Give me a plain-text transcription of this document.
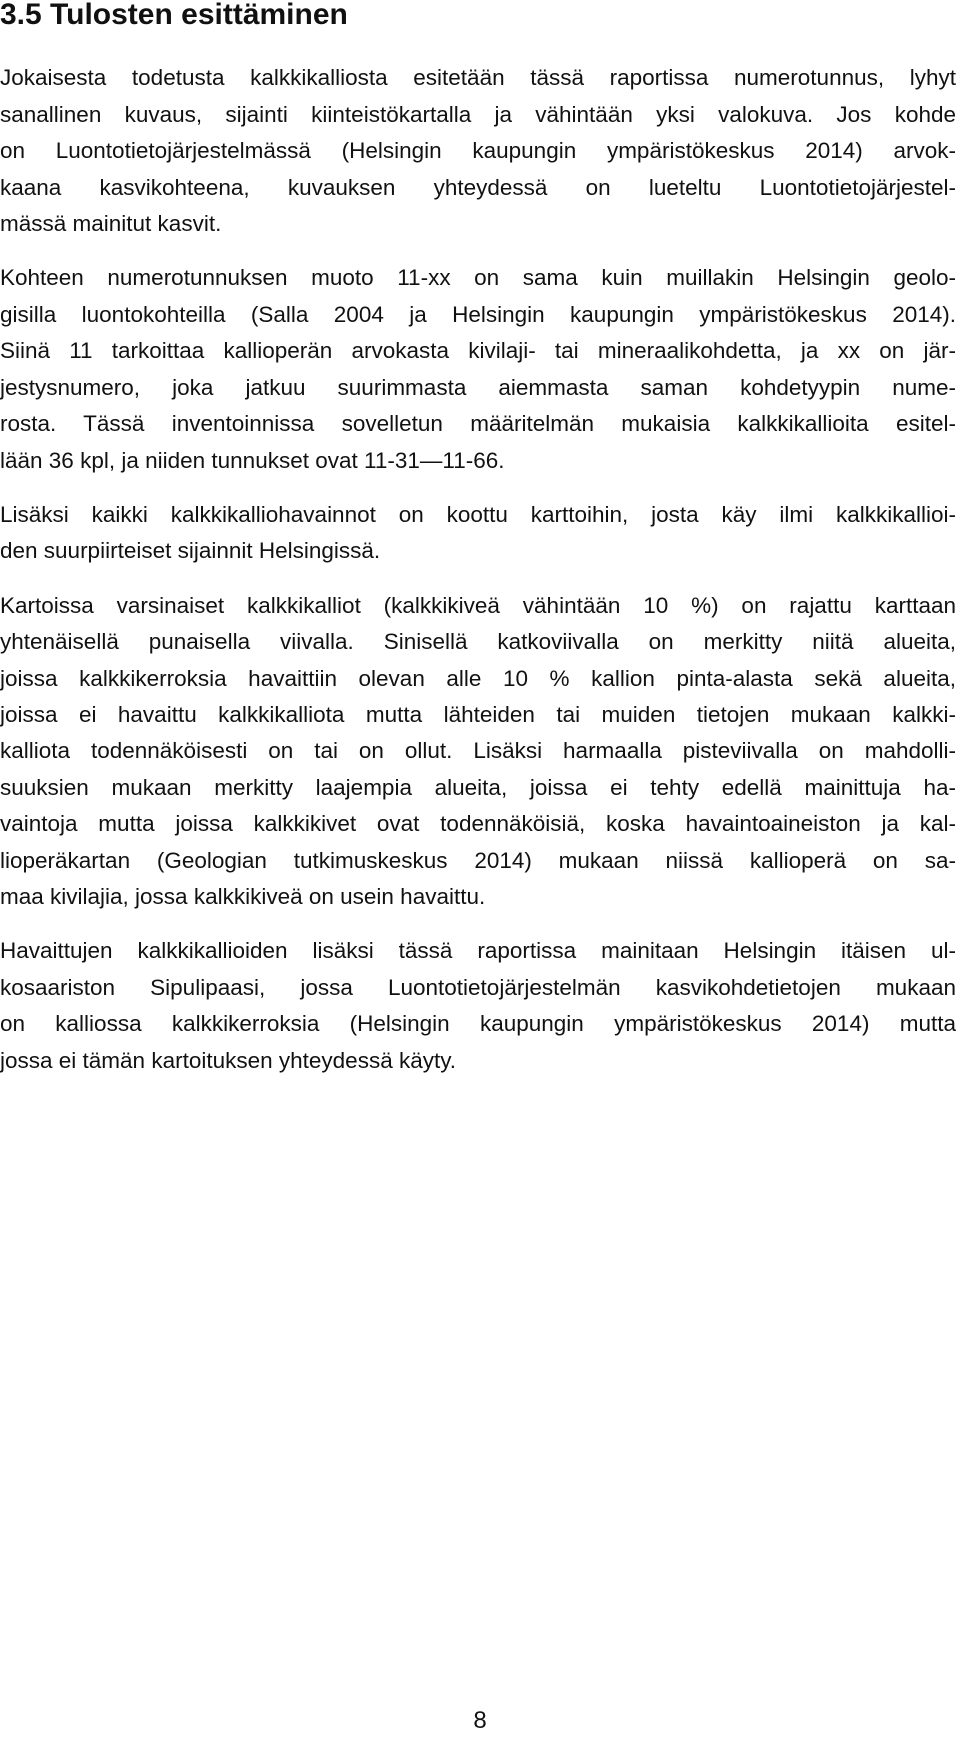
3.5 Tulosten esittäminen

Jokaisesta todetusta kalkkikalliosta esitetään tässä raportissa numerotunnus, lyhyt

sanallinen kuvaus, sijainti kiinteistökartalla ja vähintään yksi valokuva. Jos kohde

on Luontotietojärjestelmässä (Helsingin kaupungin ympäristökeskus 2014) arvok-

kaana kasvikohteena, kuvauksen yhteydessä on lueteltu Luontotietojärjestel-

mässä mainitut kasvit.

Kohteen numerotunnuksen muoto 11-xx on sama kuin muillakin Helsingin geolo-

gisilla luontokohteilla (Salla 2004 ja Helsingin kaupungin ympäristökeskus 2014).

Siinä 11 tarkoittaa kallioperän arvokasta kivilaji- tai mineraalikohdetta, ja xx on jär-

jestysnumero, joka jatkuu suurimmasta aiemmasta saman kohdetyypin nume-

rosta. Tässä inventoinnissa sovelletun määritelmän mukaisia kalkkikallioita esitel-

lään 36 kpl, ja niiden tunnukset ovat 11-31—11-66.

Lisäksi kaikki kalkkikalliohavainnot on koottu karttoihin, josta käy ilmi kalkkikallioi-

den suurpiirteiset sijainnit Helsingissä.

Kartoissa varsinaiset kalkkikalliot (kalkkikiveä vähintään 10 %) on rajattu karttaan

yhtenäisellä punaisella viivalla. Sinisellä katkoviivalla on merkitty niitä alueita,

joissa kalkkikerroksia havaittiin olevan alle 10 % kallion pinta-alasta sekä alueita,

joissa ei havaittu kalkkikalliota mutta lähteiden tai muiden tietojen mukaan kalkki-

kalliota todennäköisesti on tai on ollut. Lisäksi harmaalla pisteviivalla on mahdolli-

suuksien mukaan merkitty laajempia alueita, joissa ei tehty edellä mainittuja ha-

vaintoja mutta joissa kalkkikivet ovat todennäköisiä, koska havaintoaineiston ja kal-

lioperäkartan (Geologian tutkimuskeskus 2014) mukaan niissä kallioperä on sa-

maa kivilajia, jossa kalkkikiveä on usein havaittu.

Havaittujen kalkkikallioiden lisäksi tässä raportissa mainitaan Helsingin itäisen ul-

kosaariston Sipulipaasi, jossa Luontotietojärjestelmän kasvikohdetietojen mukaan

on kalliossa kalkkikerroksia (Helsingin kaupungin ympäristökeskus 2014) mutta

jossa ei tämän kartoituksen yhteydessä käyty.

8
